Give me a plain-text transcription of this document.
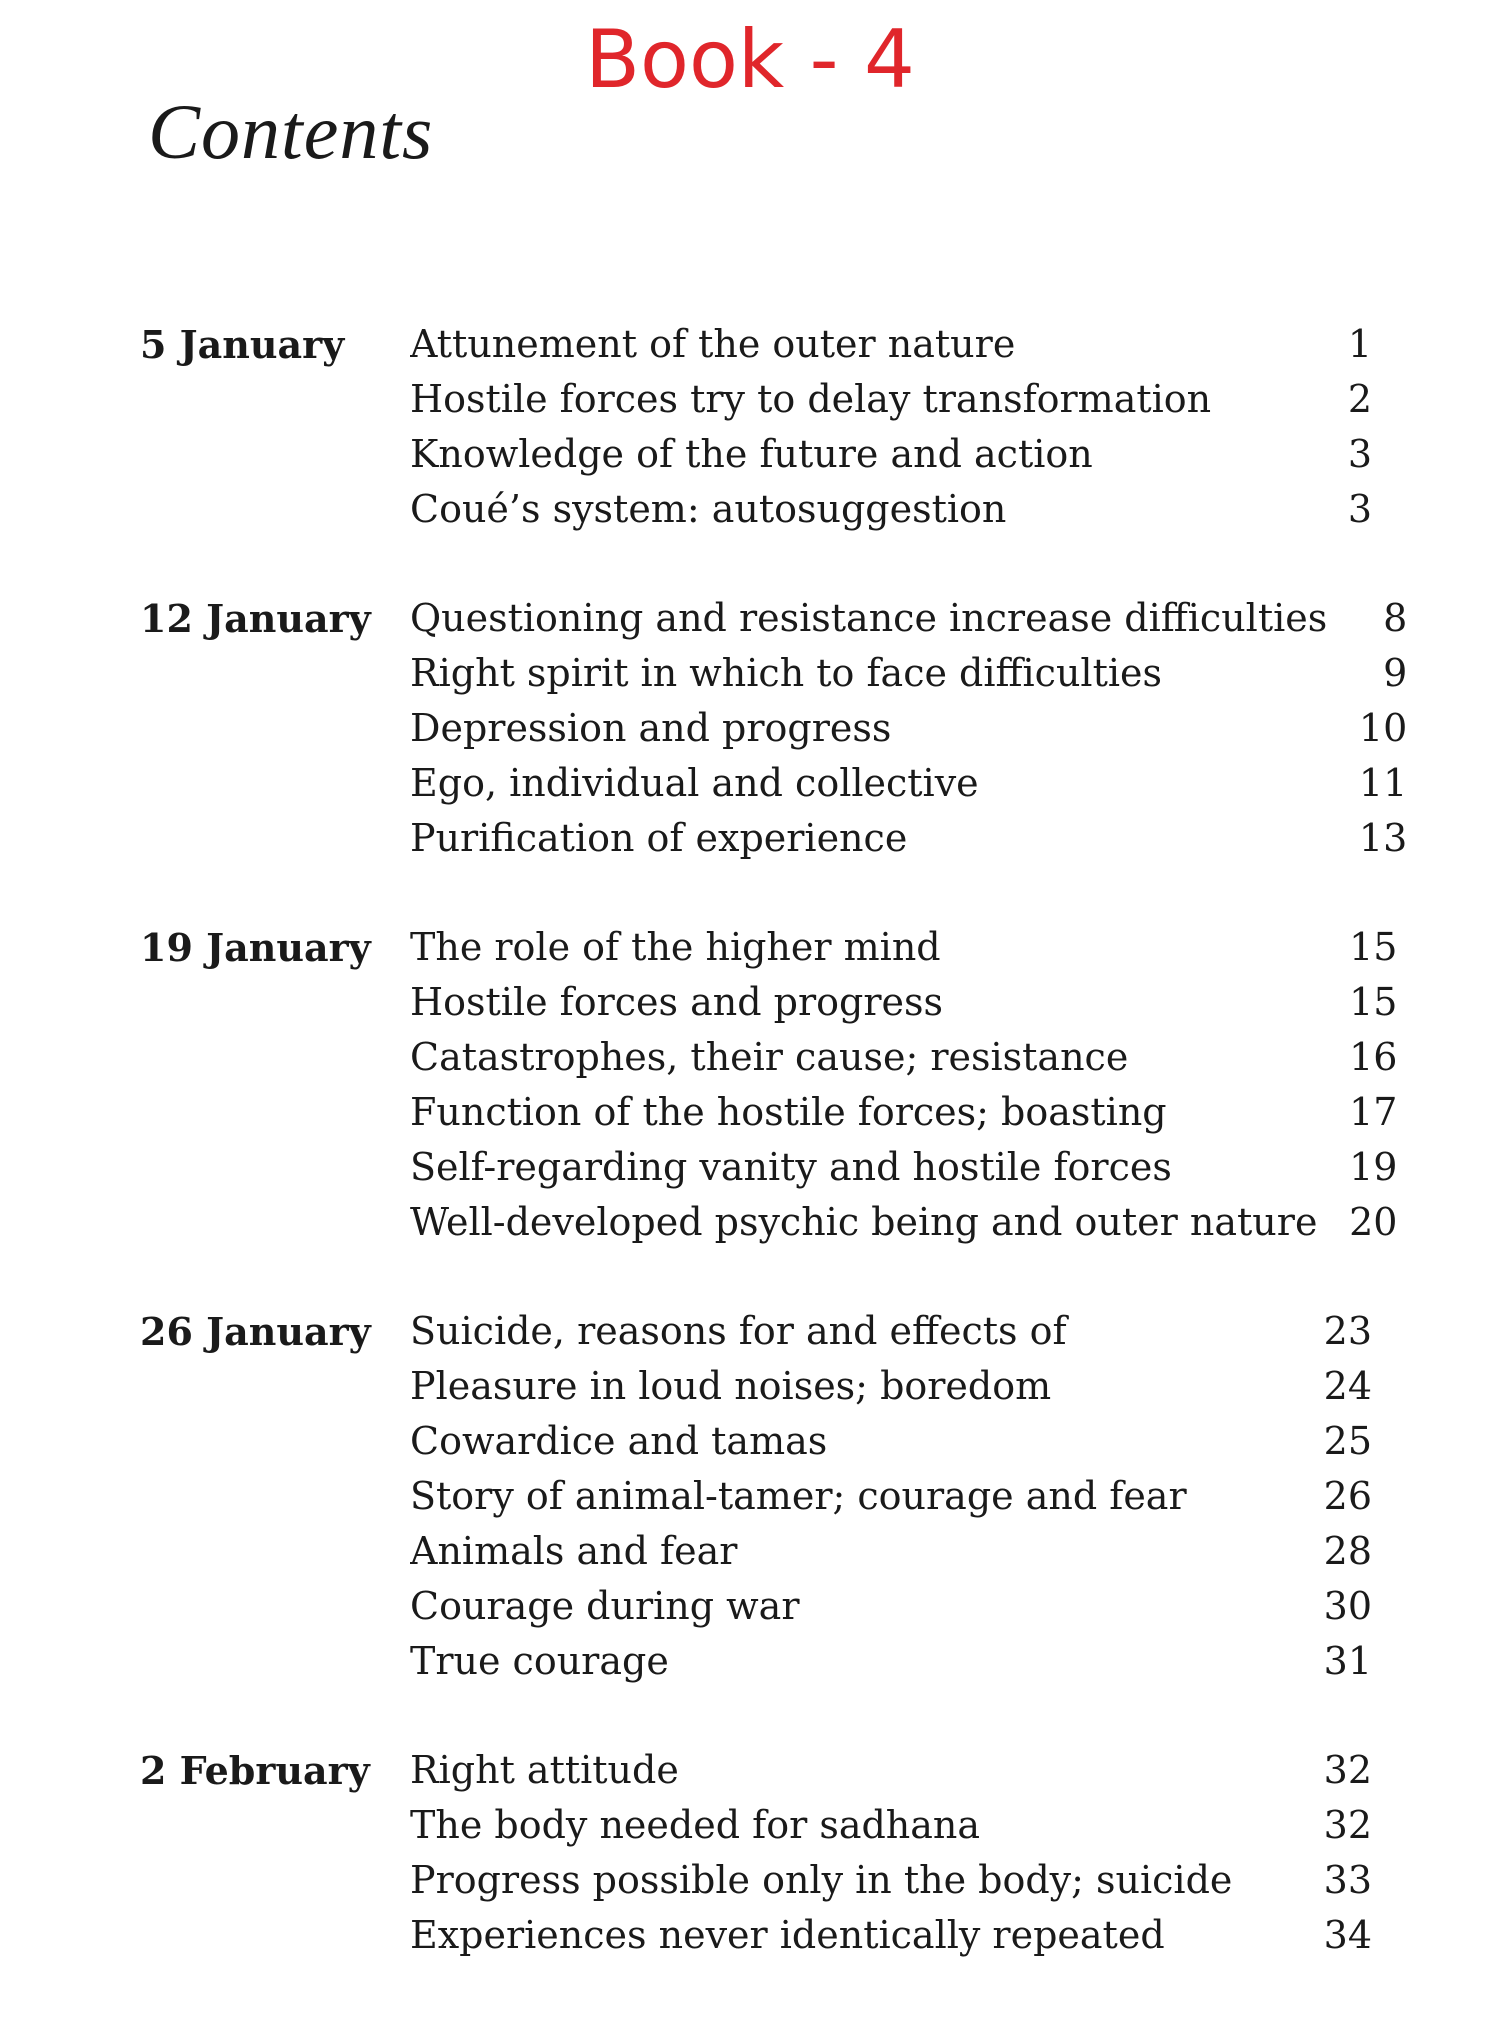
Book - 4
Contents
5 January	Attunement of the outer nature	1
Hostile forces try to delay transformation	2
Knowledge of the future and action	3
Coué’s system: autosuggestion	3
12 January	Questioning and resistance increase difficulties	8
Right spirit in which to face difficulties	9
Depression and progress	10
Ego, individual and collective	11
Purification of experience	13
19 January	The role of the higher mind	15
Hostile forces and progress	15
Catastrophes, their cause; resistance	16
Function of the hostile forces; boasting	17
Self-regarding vanity and hostile forces	19
Well-developed psychic being and outer nature 20
26 January	Suicide, reasons for and effects of	23
Pleasure in loud noises; boredom	24
Cowardice and tamas	25
Story of animal-tamer; courage and fear	26
Animals and fear	28
Courage during war	30
True courage	31
2 February	Right attitude	32
The body needed for sadhana	32
Progress possible only in the body; suicide	33
Experiences never identically repeated	34
